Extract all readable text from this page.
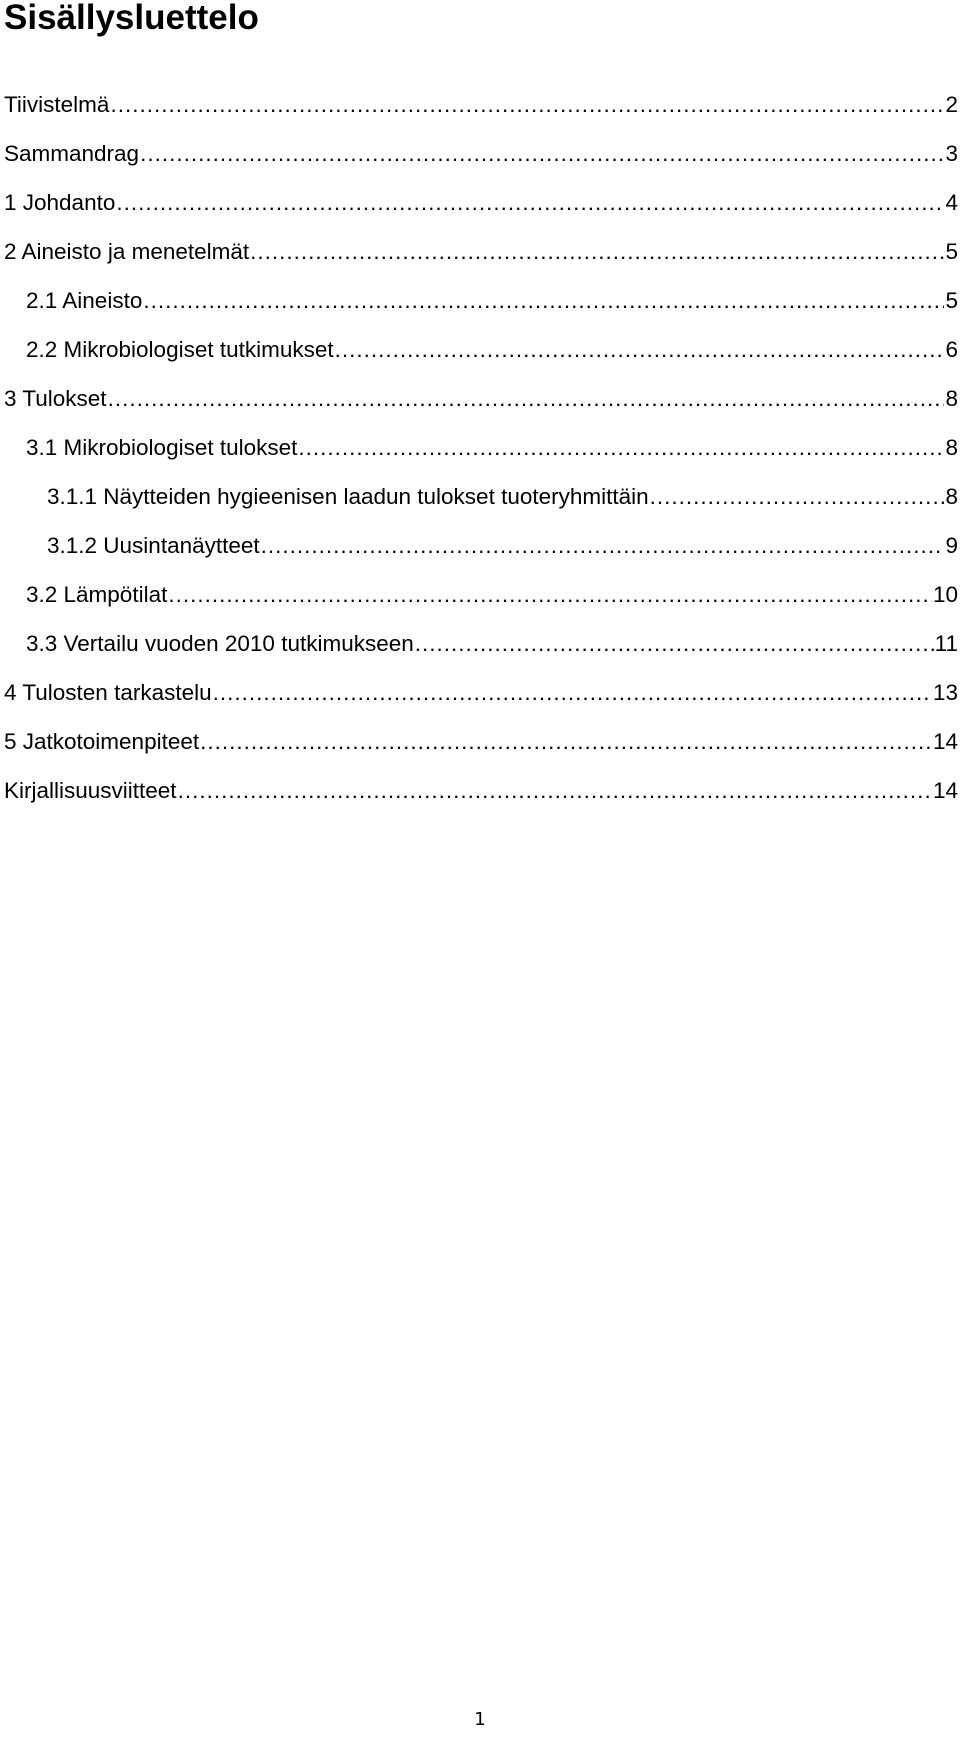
Sisällysluettelo
Tiivistelmä .....	2
Sammandrag .....	3
1 Johdanto .....	4
2 Aineisto ja menetelmät .....	5
2.1 Aineisto .....	5
2.2 Mikrobiologiset tutkimukset .....	6
3 Tulokset .....	8
3.1 Mikrobiologiset tulokset .....	8
3.1.1 Näytteiden hygieenisen laadun tulokset tuoteryhmittäin .....	8
3.1.2 Uusintanäytteet .....	9
3.2 Lämpötilat .....	10
3.3 Vertailu vuoden 2010 tutkimukseen .....	11
4 Tulosten tarkastelu .....	13
5 Jatkotoimenpiteet .....	14
Kirjallisuusviitteet .....	14
1
